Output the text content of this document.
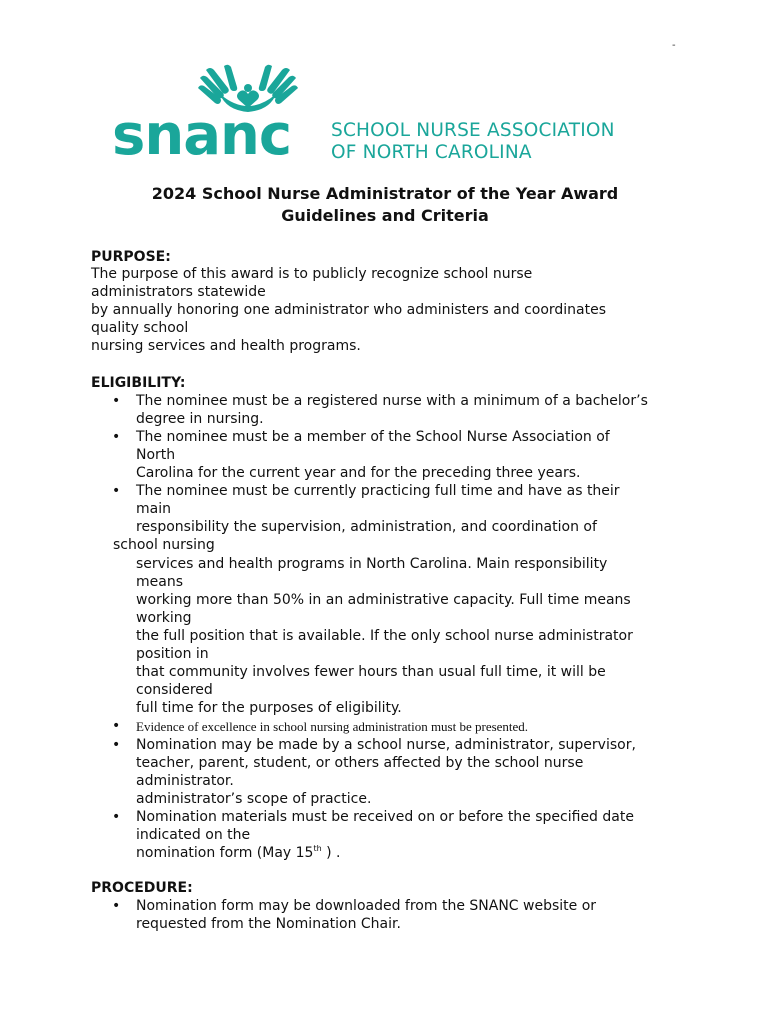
-
snanc SCHOOL NURSE ASSOCIATION
OF NORTH CAROLINA
2024 School Nurse Administrator of the Year Award
Guidelines and Criteria
PURPOSE:
The purpose of this award is to publicly recognize school nurse
administrators statewide
by annually honoring one administrator who administers and coordinates
quality school
nursing services and health programs.
ELIGIBILITY:
• The nominee must be a registered nurse with a minimum of a bachelor’s
degree in nursing.
• The nominee must be a member of the School Nurse Association of
North
Carolina for the current year and for the preceding three years.
• The nominee must be currently practicing full time and have as their
main
responsibility the supervision, administration, and coordination of
school nursing
services and health programs in North Carolina. Main responsibility
means
working more than 50% in an administrative capacity. Full time means
working
the full position that is available. If the only school nurse administrator
position in
that community involves fewer hours than usual full time, it will be
considered
full time for the purposes of eligibility.
• Evidence of excellence in school nursing administration must be presented.
• Nomination may be made by a school nurse, administrator, supervisor,
teacher, parent, student, or others affected by the school nurse
administrator.
administrator’s scope of practice.
• Nomination materials must be received on or before the specified date
indicated on the
nomination form (May 15th ) .
PROCEDURE:
• Nomination form may be downloaded from the SNANC website or
requested from the Nomination Chair.
